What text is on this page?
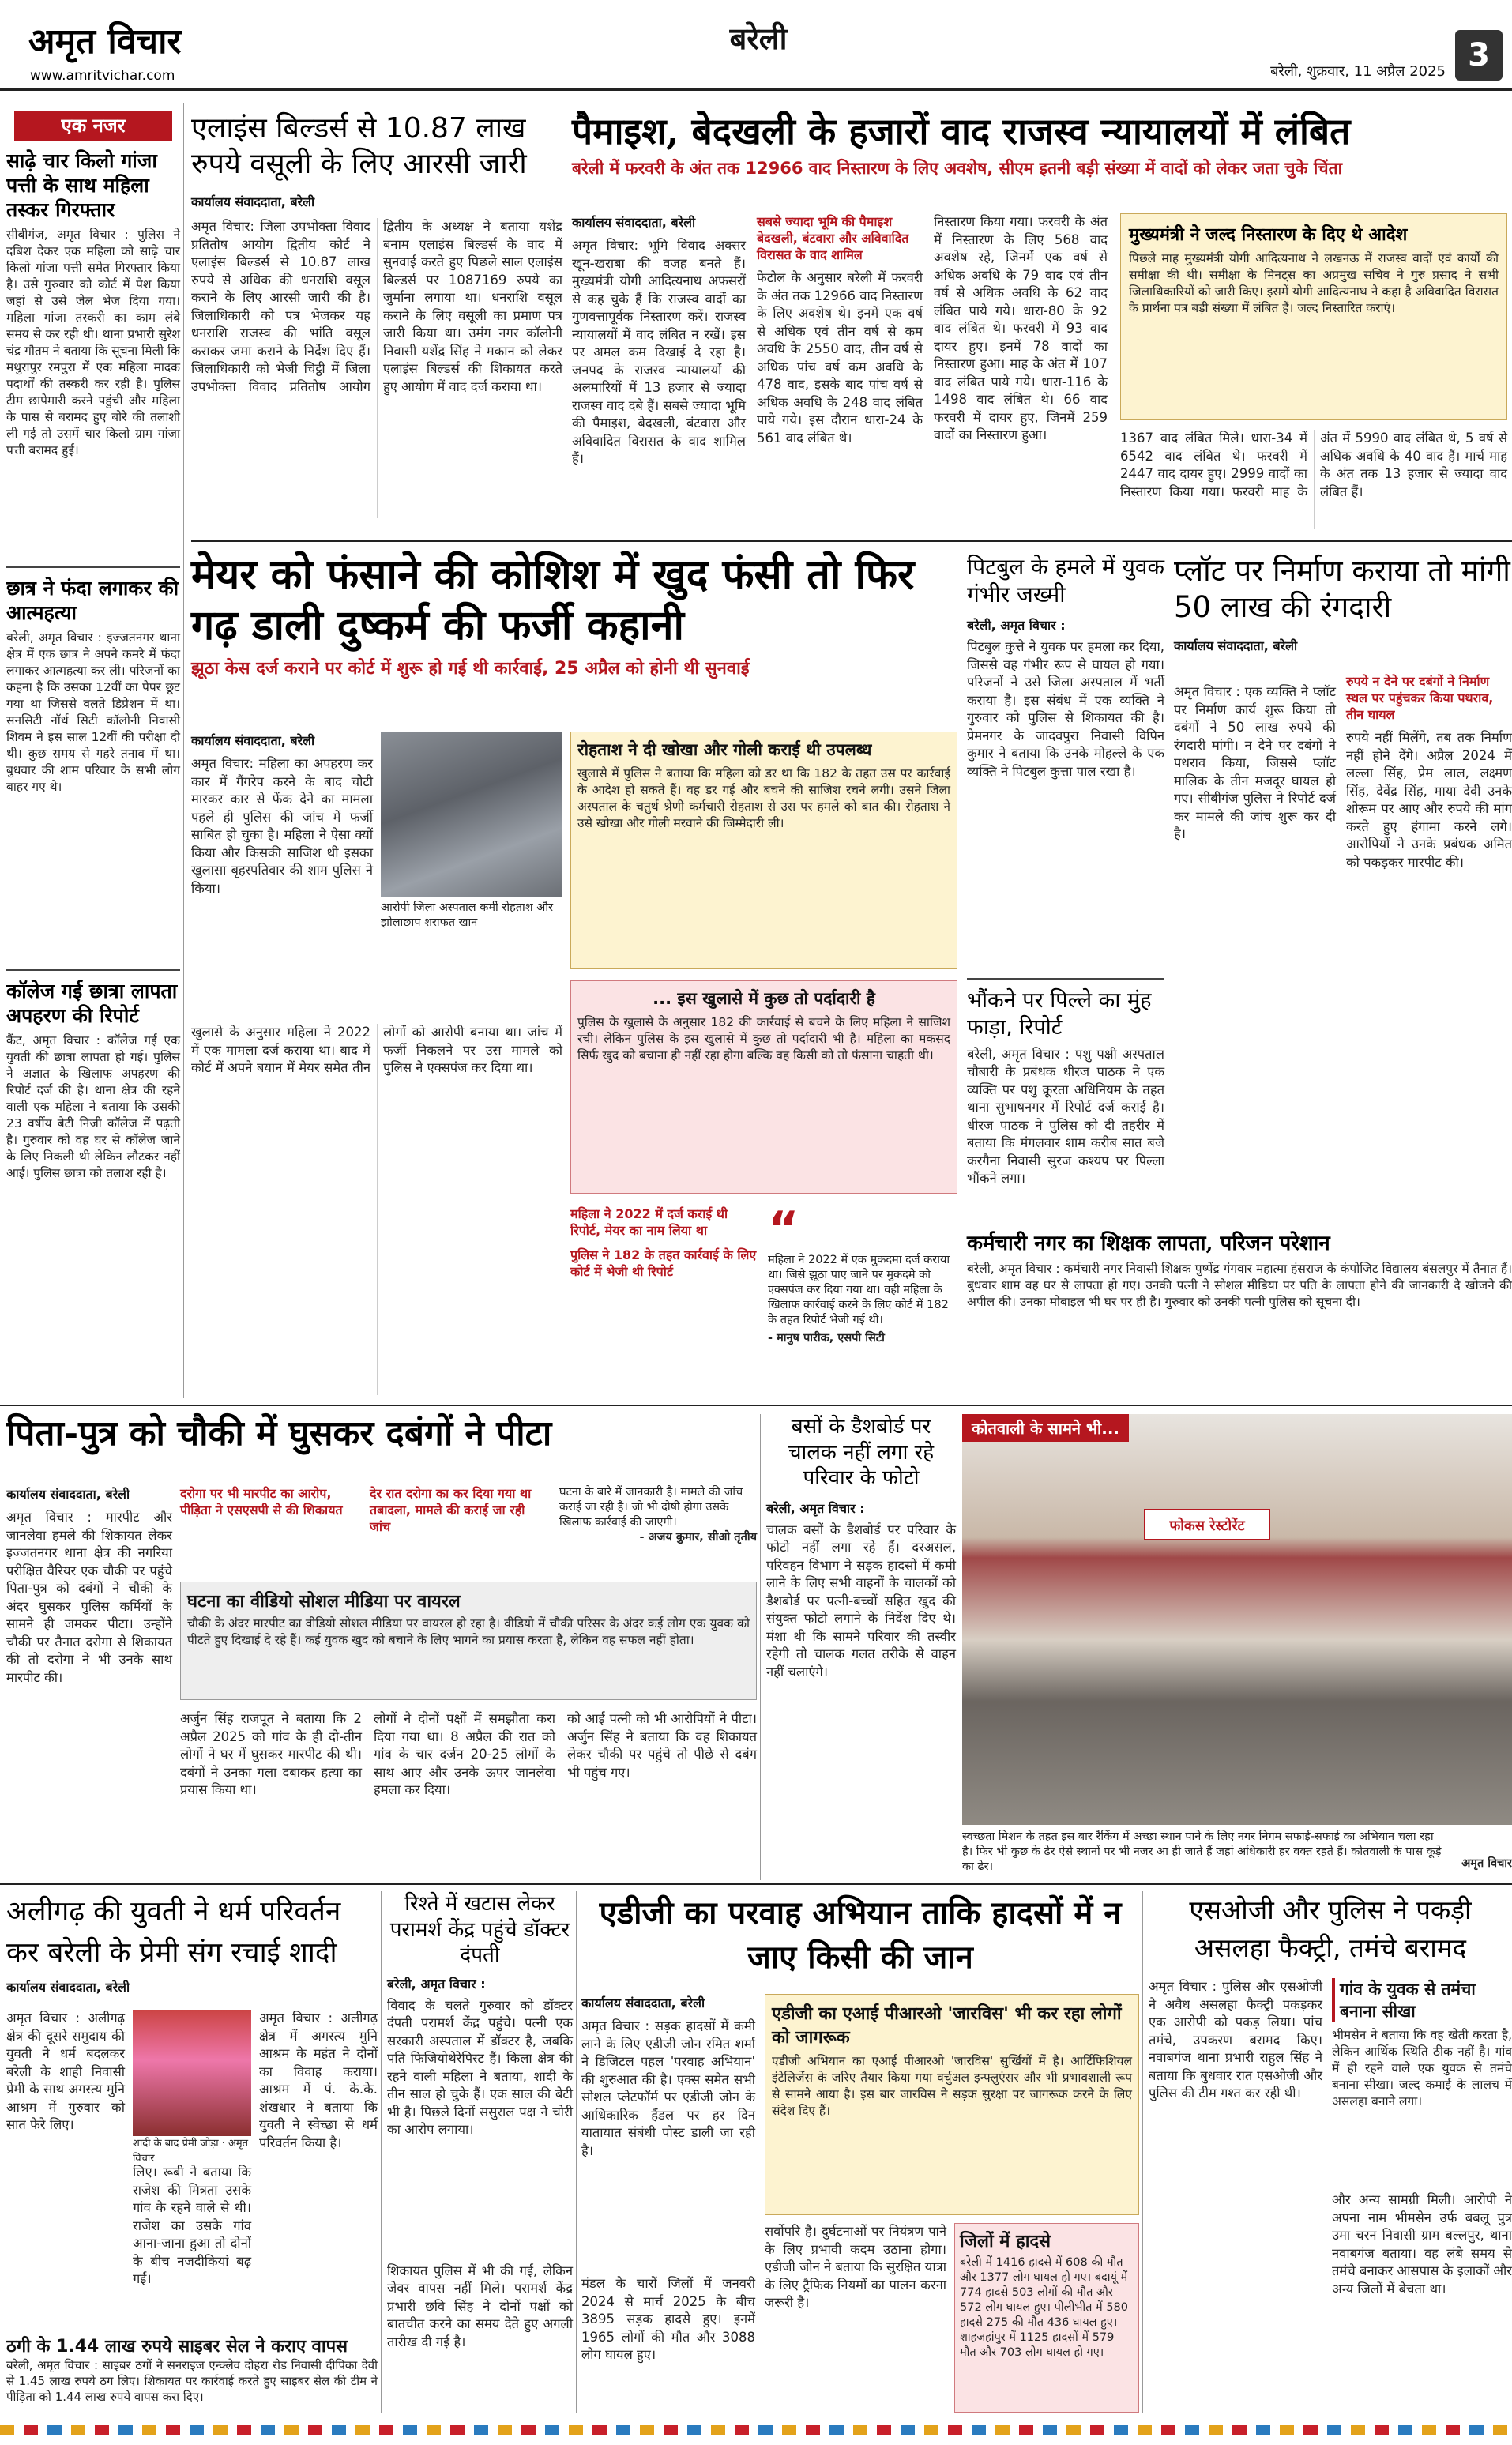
अमृत विचार
www.amritvichar.com
बरेली
बरेली, शुक्रवार, 11 अप्रैल 2025 3
एक नजर
साढ़े चार किलो गांजा पत्ती के साथ महिला तस्कर गिरफ्तार
सीबीगंज, अमृत विचार : पुलिस ने दबिश देकर एक महिला को साढ़े चार किलो गांजा पत्ती समेत गिरफ्तार किया है। उसे गुरुवार को कोर्ट में पेश किया जहां से उसे जेल भेज दिया गया। महिला गांजा तस्करी का काम लंबे समय से कर रही थी। थाना प्रभारी सुरेश चंद्र गौतम ने बताया कि सूचना मिली कि मथुरापुर रमपुरा में एक महिला मादक पदार्थों की तस्करी कर रही है। पुलिस टीम छापेमारी करने पहुंची और महिला के पास से बरामद हुए बोरे की तलाशी ली गई तो उसमें चार किलो ग्राम गांजा पत्ती बरामद हुई।
छात्र ने फंदा लगाकर की आत्महत्या
बरेली, अमृत विचार : इज्जतनगर थाना क्षेत्र में एक छात्र ने अपने कमरे में फंदा लगाकर आत्महत्या कर ली। परिजनों का कहना है कि उसका 12वीं का पेपर छूट गया था जिससे वलते डिप्रेशन में था। सनसिटी नॉर्थ सिटी कॉलोनी निवासी शिवम ने इस साल 12वीं की परीक्षा दी थी। कुछ समय से गहरे तनाव में था। बुधवार की शाम परिवार के सभी लोग बाहर गए थे।
कॉलेज गई छात्रा लापता अपहरण की रिपोर्ट
कैंट, अमृत विचार : कॉलेज गई एक युवती की छात्रा लापता हो गई। पुलिस ने अज्ञात के खिलाफ अपहरण की रिपोर्ट दर्ज की है। थाना क्षेत्र की रहने वाली एक महिला ने बताया कि उसकी 23 वर्षीय बेटी निजी कॉलेज में पढ़ती है। गुरुवार को वह घर से कॉलेज जाने के लिए निकली थी लेकिन लौटकर नहीं आई। पुलिस छात्रा को तलाश रही है।
एलाइंस बिल्डर्स से 10.87 लाख रुपये वसूली के लिए आरसी जारी
कार्यालय संवाददाता, बरेली
अमृत विचार: जिला उपभोक्ता विवाद प्रतितोष आयोग द्वितीय कोर्ट ने एलाइंस बिल्डर्स से 10.87 लाख रुपये से अधिक की धनराशि वसूल कराने के लिए आरसी जारी की है। जिलाधिकारी को पत्र भेजकर यह धनराशि राजस्व की भांति वसूल कराकर जमा कराने के निर्देश दिए हैं। जिलाधिकारी को भेजी चिट्ठी में जिला उपभोक्ता विवाद प्रतितोष आयोग द्वितीय के अध्यक्ष ने बताया यशेंद्र बनाम एलाइंस बिल्डर्स के वाद में सुनवाई करते हुए पिछले साल एलाइंस बिल्डर्स पर 1087169 रुपये का जुर्माना लगाया था। धनराशि वसूल कराने के लिए वसूली का प्रमाण पत्र जारी किया था। उमंग नगर कॉलोनी निवासी यशेंद्र सिंह ने मकान को लेकर एलाइंस बिल्डर्स की शिकायत करते हुए आयोग में वाद दर्ज कराया था।
पैमाइश, बेदखली के हजारों वाद राजस्व न्यायालयों में लंबित
बरेली में फरवरी के अंत तक 12966 वाद निस्तारण के लिए अवशेष, सीएम इतनी बड़ी संख्या में वादों को लेकर जता चुके चिंता
कार्यालय संवाददाता, बरेली
अमृत विचार: भूमि विवाद अक्सर खून-खराबा की वजह बनते हैं। मुख्यमंत्री योगी आदित्यनाथ अफसरों से कह चुके हैं कि राजस्व वादों का गुणवत्तापूर्वक निस्तारण करें। राजस्व न्यायालयों में वाद लंबित न रखें। इस पर अमल कम दिखाई दे रहा है। जनपद के राजस्व न्यायालयों की अलमारियों में 13 हजार से ज्यादा राजस्व वाद दबे हैं। सबसे ज्यादा भूमि की पैमाइश, बेदखली, बंटवारा और अविवादित विरासत के वाद शामिल हैं।
सबसे ज्यादा भूमि की पैमाइश बेदखली, बंटवारा और अविवादित विरासत के वाद शामिल
फेटोल के अनुसार बरेली में फरवरी के अंत तक 12966 वाद निस्तारण के लिए अवशेष थे। इनमें एक वर्ष से अधिक एवं तीन वर्ष से कम अवधि के 2550 वाद, तीन वर्ष से अधिक पांच वर्ष कम अवधि के 478 वाद, इसके बाद पांच वर्ष से अधिक अवधि के 248 वाद लंबित पाये गये। इस दौरान धारा-24 के 561 वाद लंबित थे।
निस्तारण किया गया। फरवरी के अंत में निस्तारण के लिए 568 वाद अवशेष रहे, जिनमें एक वर्ष से अधिक अवधि के 79 वाद एवं तीन वर्ष से अधिक अवधि के 62 वाद लंबित पाये गये। धारा-80 के 92 वाद लंबित थे। फरवरी में 93 वाद दायर हुए। इनमें 78 वादों का निस्तारण हुआ। माह के अंत में 107 वाद लंबित पाये गये। धारा-116 के 1498 वाद लंबित थे। 66 वाद फरवरी में दायर हुए, जिनमें 259 वादों का निस्तारण हुआ।
मुख्यमंत्री ने जल्द निस्तारण के दिए थे आदेश
पिछले माह मुख्यमंत्री योगी आदित्यनाथ ने लखनऊ में राजस्व वादों एवं कार्यों की समीक्षा की थी। समीक्षा के मिनट्स का अप्रमुख सचिव ने गुरु प्रसाद ने सभी जिलाधिकारियों को जारी किए। इसमें योगी आदित्यनाथ ने कहा है अविवादित विरासत के प्रार्थना पत्र बड़ी संख्या में लंबित हैं। जल्द निस्तारित कराएं।
1367 वाद लंबित मिले। धारा-34 में 6542 वाद लंबित थे। फरवरी में 2447 वाद दायर हुए। 2999 वादों का निस्तारण किया गया। फरवरी माह के अंत में 5990 वाद लंबित थे, 5 वर्ष से अधिक अवधि के 40 वाद हैं। मार्च माह के अंत तक 13 हजार से ज्यादा वाद लंबित हैं।
मेयर को फंसाने की कोशिश में खुद फंसी तो फिर गढ़ डाली दुष्कर्म की फर्जी कहानी
झूठा केस दर्ज कराने पर कोर्ट में शुरू हो गई थी कार्रवाई, 25 अप्रैल को होनी थी सुनवाई
कार्यालय संवाददाता, बरेली
अमृत विचार: महिला का अपहरण कर कार में गैंगरेप करने के बाद चोटी मारकर कार से फेंक देने का मामला पहले ही पुलिस की जांच में फर्जी साबित हो चुका है। महिला ने ऐसा क्यों किया और किसकी साजिश थी इसका खुलासा बृहस्पतिवार की शाम पुलिस ने किया।
आरोपी जिला अस्पताल कर्मी रोहताश और झोलाछाप शराफत खान
रोहताश ने दी खोखा और गोली कराई थी उपलब्ध
खुलासे में पुलिस ने बताया कि महिला को डर था कि 182 के तहत उस पर कार्रवाई के आदेश हो सकते हैं। वह डर गई और बचने की साजिश रचने लगी। उसने जिला अस्पताल के चतुर्थ श्रेणी कर्मचारी रोहताश से उस पर हमले को बात की। रोहताश ने उसे खोखा और गोली मरवाने की जिम्मेदारी ली।
खुलासे के अनुसार महिला ने 2022 में एक मामला दर्ज कराया था। बाद में कोर्ट में अपने बयान में मेयर समेत तीन लोगों को आरोपी बनाया था। जांच में फर्जी निकलने पर उस मामले को पुलिस ने एक्सपंज कर दिया था।
... इस खुलासे में कुछ तो पर्दादारी है
पुलिस के खुलासे के अनुसार 182 की कार्रवाई से बचने के लिए महिला ने साजिश रची। लेकिन पुलिस के इस खुलासे में कुछ तो पर्दादारी भी है। महिला का मकसद सिर्फ खुद को बचाना ही नहीं रहा होगा बल्कि वह किसी को तो फंसाना चाहती थी।
महिला ने 2022 में दर्ज कराई थी रिपोर्ट, मेयर का नाम लिया था
पुलिस ने 182 के तहत कार्रवाई के लिए कोर्ट में भेजी थी रिपोर्ट
“
महिला ने 2022 में एक मुकदमा दर्ज कराया था। जिसे झूठा पाए जाने पर मुकदमे को एक्सपंज कर दिया गया था। वही महिला के खिलाफ कार्रवाई करने के लिए कोर्ट में 182 के तहत रिपोर्ट भेजी गई थी।
- मानुष पारीक, एसपी सिटी
पिटबुल के हमले में युवक गंभीर जख्मी
बरेली, अमृत विचार :
पिटबुल कुत्ते ने युवक पर हमला कर दिया, जिससे वह गंभीर रूप से घायल हो गया। परिजनों ने उसे जिला अस्पताल में भर्ती कराया है। इस संबंध में एक व्यक्ति ने गुरुवार को पुलिस से शिकायत की है। प्रेमनगर के जादवपुरा निवासी विपिन कुमार ने बताया कि उनके मोहल्ले के एक व्यक्ति ने पिटबुल कुत्ता पाल रखा है।
भौंकने पर पिल्ले का मुंह फाड़ा, रिपोर्ट
बरेली, अमृत विचार : पशु पक्षी अस्पताल चौबारी के प्रबंधक धीरज पाठक ने एक व्यक्ति पर पशु क्रूरता अधिनियम के तहत थाना सुभाषनगर में रिपोर्ट दर्ज कराई है। धीरज पाठक ने पुलिस को दी तहरीर में बताया कि मंगलवार शाम करीब सात बजे करगैना निवासी सुरज कश्यप पर पिल्ला भौंकने लगा।
प्लॉट पर निर्माण कराया तो मांगी 50 लाख की रंगदारी
कार्यालय संवाददाता, बरेली
अमृत विचार : एक व्यक्ति ने प्लॉट पर निर्माण कार्य शुरू किया तो दबंगों ने 50 लाख रुपये की रंगदारी मांगी। न देने पर दबंगों ने पथराव किया, जिससे प्लॉट मालिक के तीन मजदूर घायल हो गए। सीबीगंज पुलिस ने रिपोर्ट दर्ज कर मामले की जांच शुरू कर दी है।
रुपये न देने पर दबंगों ने निर्माण स्थल पर पहुंचकर किया पथराव, तीन घायल
रुपये नहीं मिलेंगे, तब तक निर्माण नहीं होने देंगे। अप्रैल 2024 में लल्ला सिंह, प्रेम लाल, लक्ष्मण सिंह, देवेंद्र सिंह, माया देवी उनके शोरूम पर आए और रुपये की मांग करते हुए हंगामा करने लगे। आरोपियों ने उनके प्रबंधक अमित को पकड़कर मारपीट की।
कर्मचारी नगर का शिक्षक लापता, परिजन परेशान
बरेली, अमृत विचार : कर्मचारी नगर निवासी शिक्षक पुष्पेंद्र गंगवार महात्मा हंसराज के कंपोजिट विद्यालय बंसलपुर में तैनात हैं। बुधवार शाम वह घर से लापता हो गए। उनकी पत्नी ने सोशल मीडिया पर पति के लापता होने की जानकारी दे खोजने की अपील की। उनका मोबाइल भी घर पर ही है। गुरुवार को उनकी पत्नी पुलिस को सूचना दी।
पिता-पुत्र को चौकी में घुसकर दबंगों ने पीटा
कार्यालय संवाददाता, बरेली
अमृत विचार : मारपीट और जानलेवा हमले की शिकायत लेकर इज्जतनगर थाना क्षेत्र की नगरिया परीक्षित वैरियर एक चौकी पर पहुंचे पिता-पुत्र को दबंगों ने चौकी के अंदर घुसकर पुलिस कर्मियों के सामने ही जमकर पीटा। उन्होंने चौकी पर तैनात दरोगा से शिकायत की तो दरोगा ने भी उनके साथ मारपीट की।
दरोगा पर भी मारपीट का आरोप, पीड़िता ने एसएसपी से की शिकायत
देर रात दरोगा का कर दिया गया था तबादला, मामले की कराई जा रही जांच
घटना के बारे में जानकारी है। मामले की जांच कराई जा रही है। जो भी दोषी होगा उसके खिलाफ कार्रवाई की जाएगी।
- अजय कुमार, सीओ तृतीय
घटना का वीडियो सोशल मीडिया पर वायरल
चौकी के अंदर मारपीट का वीडियो सोशल मीडिया पर वायरल हो रहा है। वीडियो में चौकी परिसर के अंदर कई लोग एक युवक को पीटते हुए दिखाई दे रहे हैं। कई युवक खुद को बचाने के लिए भागने का प्रयास करता है, लेकिन वह सफल नहीं होता।
अर्जुन सिंह राजपूत ने बताया कि 2 अप्रैल 2025 को गांव के ही दो-तीन लोगों ने घर में घुसकर मारपीट की थी। दबंगों ने उनका गला दबाकर हत्या का प्रयास किया था।
लोगों ने दोनों पक्षों में समझौता करा दिया गया था। 8 अप्रैल की रात को गांव के चार दर्जन 20-25 लोगों के साथ आए और उनके ऊपर जानलेवा हमला कर दिया।
को आई पत्नी को भी आरोपियों ने पीटा। अर्जुन सिंह ने बताया कि वह शिकायत लेकर चौकी पर पहुंचे तो पीछे से दबंग भी पहुंच गए।
बसों के डैशबोर्ड पर चालक नहीं लगा रहे परिवार के फोटो
बरेली, अमृत विचार :
चालक बसों के डैशबोर्ड पर परिवार के फोटो नहीं लगा रहे हैं। दरअसल, परिवहन विभाग ने सड़क हादसों में कमी लाने के लिए सभी वाहनों के चालकों को डैशबोर्ड पर पत्नी-बच्चों सहित खुद की संयुक्त फोटो लगाने के निर्देश दिए थे। मंशा थी कि सामने परिवार की तस्वीर रहेगी तो चालक गलत तरीके से वाहन नहीं चलाएंगे।
कोतवाली के सामने भी...
फोकस रेस्टोरेंट
स्वच्छता मिशन के तहत इस बार रैंकिंग में अच्छा स्थान पाने के लिए नगर निगम सफाई-सफाई का अभियान चला रहा है। फिर भी कुछ के ढेर ऐसे स्थानों पर भी नजर आ ही जाते हैं जहां अधिकारी हर वक्त रहते हैं। कोतवाली के पास कूड़े का ढेर।	अमृत विचार
अलीगढ़ की युवती ने धर्म परिवर्तन कर बरेली के प्रेमी संग रचाई शादी
कार्यालय संवाददाता, बरेली
अमृत विचार : अलीगढ़ क्षेत्र की दूसरे समुदाय की युवती ने धर्म बदलकर बरेली के शाही निवासी प्रेमी के साथ अगस्त्य मुनि आश्रम में गुरुवार को सात फेरे लिए।
शादी के बाद प्रेमी जोड़ा · अमृत विचार
लिए। रूबी ने बताया कि राजेश की मित्रता उसके गांव के रहने वाले से थी। राजेश का उसके गांव आना-जाना हुआ तो दोनों के बीच नजदीकियां बढ़ गईं।
अमृत विचार : अलीगढ़ क्षेत्र में अगस्त्य मुनि आश्रम के महंत ने दोनों का विवाह कराया। आश्रम में पं. के.के. शंखधार ने बताया कि युवती ने स्वेच्छा से धर्म परिवर्तन किया है।
ठगी के 1.44 लाख रुपये साइबर सेल ने कराए वापस
बरेली, अमृत विचार : साइबर ठगों ने सनराइज एन्क्लेव दोहरा रोड निवासी दीपिका देवी से 1.45 लाख रुपये ठग लिए। शिकायत पर कार्रवाई करते हुए साइबर सेल की टीम ने पीड़िता को 1.44 लाख रुपये वापस करा दिए।
रिश्ते में खटास लेकर परामर्श केंद्र पहुंचे डॉक्टर दंपती
बरेली, अमृत विचार :
विवाद के चलते गुरुवार को डॉक्टर दंपती परामर्श केंद्र पहुंचे। पत्नी एक सरकारी अस्पताल में डॉक्टर है, जबकि पति फिजियोथेरेपिस्ट हैं। किला क्षेत्र की रहने वाली महिला ने बताया, शादी के तीन साल हो चुके हैं। एक साल की बेटी भी है। पिछले दिनों ससुराल पक्ष ने चोरी का आरोप लगाया।
शिकायत पुलिस में भी की गई, लेकिन जेवर वापस नहीं मिले। परामर्श केंद्र प्रभारी छवि सिंह ने दोनों पक्षों को बातचीत करने का समय देते हुए अगली तारीख दी गई है।
एडीजी का परवाह अभियान ताकि हादसों में न जाए किसी की जान
कार्यालय संवाददाता, बरेली
अमृत विचार : सड़क हादसों में कमी लाने के लिए एडीजी जोन रमित शर्मा ने डिजिटल पहल 'परवाह अभियान' की शुरुआत की है। एक्स समेत सभी सोशल प्लेटफॉर्म पर एडीजी जोन के आधिकारिक हैंडल पर हर दिन यातायात संबंधी पोस्ट डाली जा रही है।
मंडल के चारों जिलों में जनवरी 2024 से मार्च 2025 के बीच 3895 सड़क हादसे हुए। इनमें 1965 लोगों की मौत और 3088 लोग घायल हुए।
एडीजी का एआई पीआरओ 'जारविस' भी कर रहा लोगों को जागरूक
एडीजी अभियान का एआई पीआरओ 'जारविस' सुर्खियों में है। आर्टिफिशियल इंटेलिजेंस के जरिए तैयार किया गया वर्चुअल इन्फ्लुएंसर और भी प्रभावशाली रूप से सामने आया है। इस बार जारविस ने सड़क सुरक्षा पर जागरूक करने के लिए संदेश दिए हैं।
सर्वोपरि है। दुर्घटनाओं पर नियंत्रण पाने के लिए प्रभावी कदम उठाना होगा। एडीजी जोन ने बताया कि सुरक्षित यात्रा के लिए ट्रैफिक नियमों का पालन करना जरूरी है।
जिलों में हादसे
बरेली में 1416 हादसे में 608 की मौत और 1377 लोग घायल हो गए। बदायूं में 774 हादसे 503 लोगों की मौत और 572 लोग घायल हुए। पीलीभीत में 580 हादसे 275 की मौत 436 घायल हुए। शाहजहांपुर में 1125 हादसों में 579 मौत और 703 लोग घायल हो गए।
एसओजी और पुलिस ने पकड़ी असलहा फैक्ट्री, तमंचे बरामद
अमृत विचार : पुलिस और एसओजी ने अवैध असलहा फैक्ट्री पकड़कर एक आरोपी को पकड़ लिया। पांच तमंचे, उपकरण बरामद किए। नवाबगंज थाना प्रभारी राहुल सिंह ने बताया कि बुधवार रात एसओजी और पुलिस की टीम गश्त कर रही थी।
गांव के युवक से तमंचा बनाना सीखा
भीमसेन ने बताया कि वह खेती करता है, लेकिन आर्थिक स्थिति ठीक नहीं है। गांव में ही रहने वाले एक युवक से तमंचे बनाना सीखा। जल्द कमाई के लालच में असलहा बनाने लगा।
और अन्य सामग्री मिली। आरोपी ने अपना नाम भीमसेन उर्फ बबलू पुत्र उमा चरन निवासी ग्राम बल्लपुर, थाना नवाबगंज बताया। वह लंबे समय से तमंचे बनाकर आसपास के इलाकों और अन्य जिलों में बेचता था।
